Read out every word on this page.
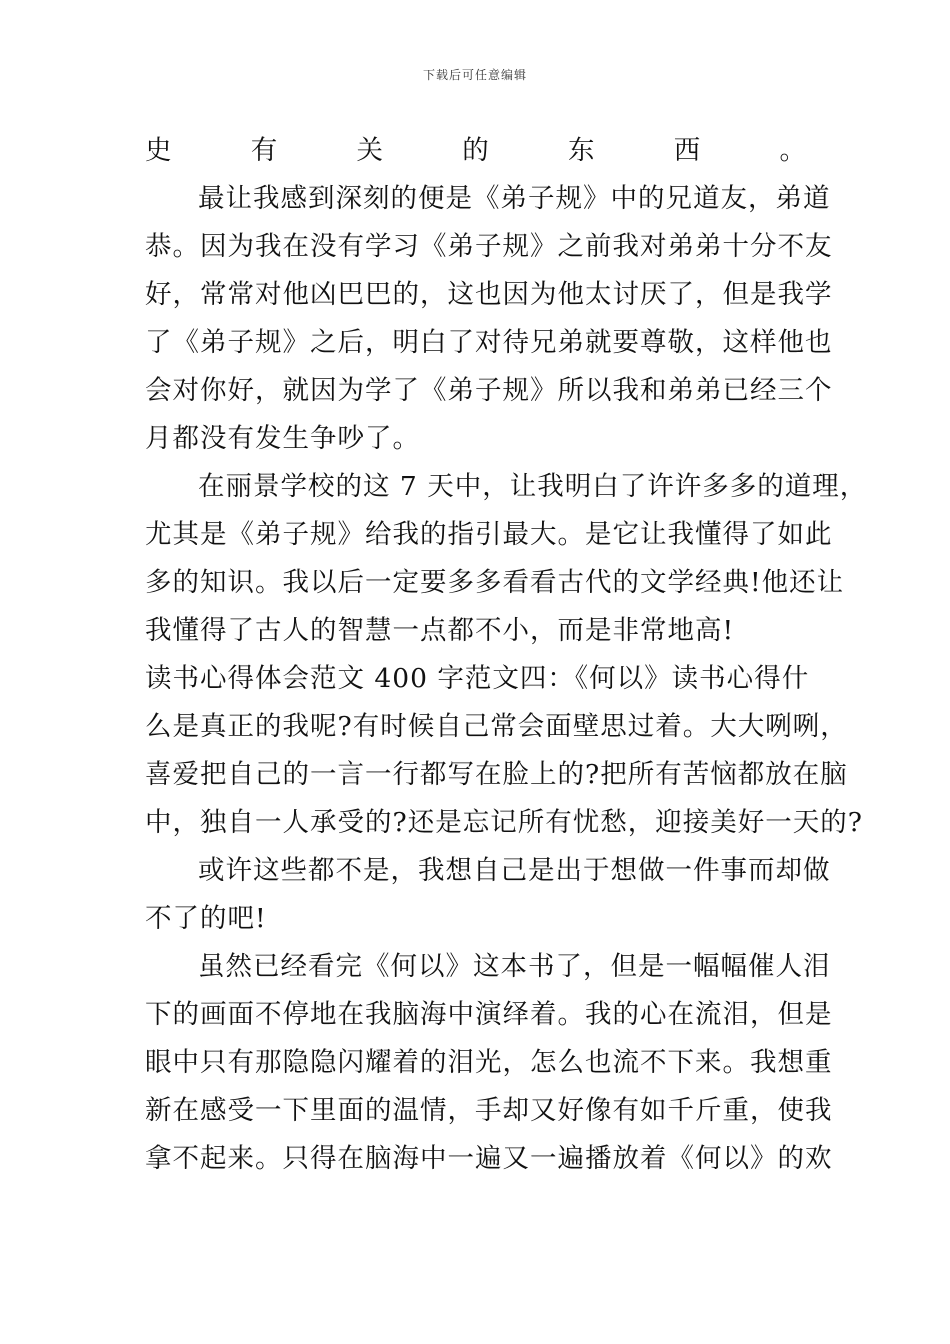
下载后可任意编辑
史有关的东西。
最让我感到深刻的便是《弟子规》中的兄道友，弟道
恭。因为我在没有学习《弟子规》之前我对弟弟十分不友
好，常常对他凶巴巴的，这也因为他太讨厌了，但是我学
了《弟子规》之后，明白了对待兄弟就要尊敬，这样他也
会对你好，就因为学了《弟子规》所以我和弟弟已经三个
月都没有发生争吵了。
在丽景学校的这 7 天中，让我明白了许许多多的道理，
尤其是《弟子规》给我的指引最大。是它让我懂得了如此
多的知识。我以后一定要多多看看古代的文学经典!他还让
我懂得了古人的智慧一点都不小，而是非常地高!
读书心得体会范文 400 字范文四：《何以》读书心得 什
么是真正的我呢?有时候自己常会面壁思过着。大大咧咧，
喜爱把自己的一言一行都写在脸上的?把所有苦恼都放在脑
中，独自一人承受的?还是忘记所有忧愁，迎接美好一天的?
或许这些都不是，我想自己是出于想做一件事而却做
不了的吧!
虽然已经看完《何以》这本书了，但是一幅幅催人泪
下的画面不停地在我脑海中演绎着。我的心在流泪，但是
眼中只有那隐隐闪耀着的泪光，怎么也流不下来。我想重
新在感受一下里面的温情，手却又好像有如千斤重，使我
拿不起来。只得在脑海中一遍又一遍播放着《何以》的欢
